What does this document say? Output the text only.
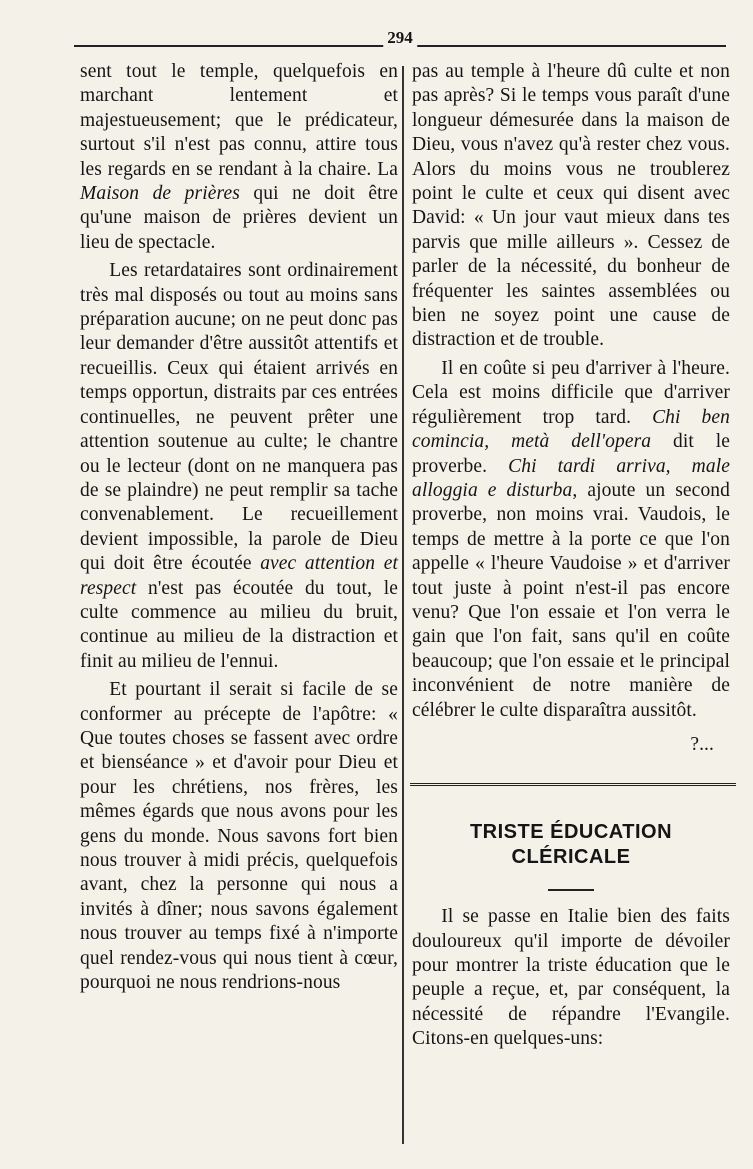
294

sent tout le temple, quelquefois en marchant lentement et majestueusement; que le prédicateur, surtout s'il n'est pas connu, attire tous les regards en se rendant à la chaire. La Maison de prières qui ne doit être qu'une maison de prières devient un lieu de spectacle.

Les retardataires sont ordinairement très mal disposés ou tout au moins sans préparation aucune; on ne peut donc pas leur demander d'être aussitôt attentifs et recueillis. Ceux qui étaient arrivés en temps opportun, distraits par ces entrées continuelles, ne peuvent prêter une attention soutenue au culte; le chantre ou le lecteur (dont on ne manquera pas de se plaindre) ne peut remplir sa tache convenablement. Le recueillement devient impossible, la parole de Dieu qui doit être écoutée avec attention et respect n'est pas écoutée du tout, le culte commence au milieu du bruit, continue au milieu de la distraction et finit au milieu de l'ennui.

Et pourtant il serait si facile de se conformer au précepte de l'apôtre: « Que toutes choses se fassent avec ordre et bienséance » et d'avoir pour Dieu et pour les chrétiens, nos frères, les mêmes égards que nous avons pour les gens du monde. Nous savons fort bien nous trouver à midi précis, quelquefois avant, chez la personne qui nous a invités à dîner; nous savons également nous trouver au temps fixé à n'importe quel rendez-vous qui nous tient à cœur, pourquoi ne nous rendrions-nous

pas au temple à l'heure dû culte et non pas après? Si le temps vous paraît d'une longueur démesurée dans la maison de Dieu, vous n'avez qu'à rester chez vous. Alors du moins vous ne troublerez point le culte et ceux qui disent avec David: « Un jour vaut mieux dans tes parvis que mille ailleurs ». Cessez de parler de la nécessité, du bonheur de fréquenter les saintes assemblées ou bien ne soyez point une cause de distraction et de trouble.

Il en coûte si peu d'arriver à l'heure. Cela est moins difficile que d'arriver régulièrement trop tard. Chi ben comincia, metà dell'opera dit le proverbe. Chi tardi arriva, male alloggia e disturba, ajoute un second proverbe, non moins vrai. Vaudois, le temps de mettre à la porte ce que l'on appelle « l'heure Vaudoise » et d'arriver tout juste à point n'est-il pas encore venu? Que l'on essaie et l'on verra le gain que l'on fait, sans qu'il en coûte beaucoup; que l'on essaie et le principal inconvénient de notre manière de célébrer le culte disparaîtra aussitôt.

?...

TRISTE ÉDUCATION CLÉRICALE

Il se passe en Italie bien des faits douloureux qu'il importe de dévoiler pour montrer la triste éducation que le peuple a reçue, et, par conséquent, la nécessité de répandre l'Evangile. Citons-en quelques-uns:
